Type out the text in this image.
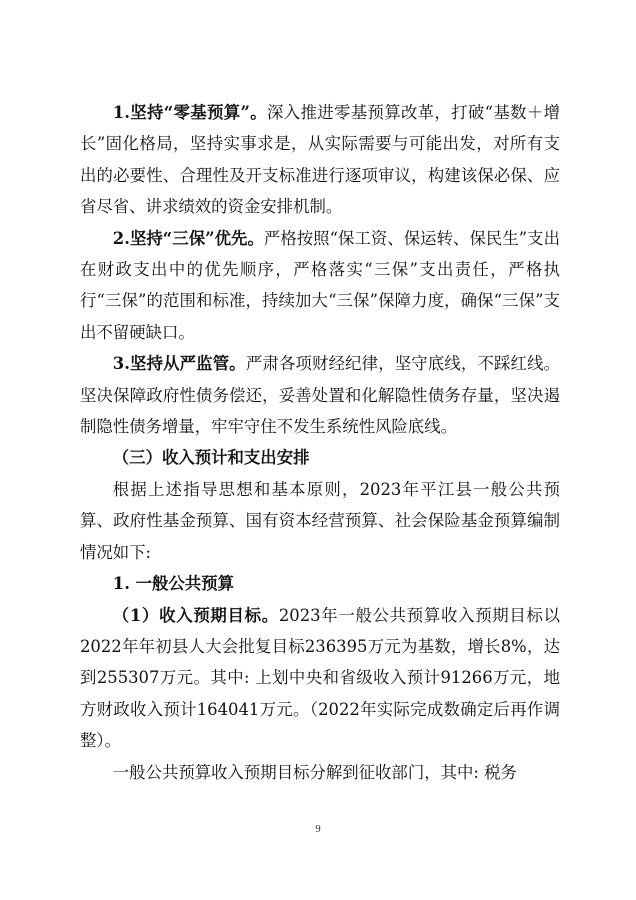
1.坚持“零基预算”。深入推进零基预算改革，打破“基数＋增长”固化格局，坚持实事求是，从实际需要与可能出发，对所有支出的必要性、合理性及开支标准进行逐项审议，构建该保必保、应省尽省、讲求绩效的资金安排机制。

2.坚持“三保”优先。严格按照“保工资、保运转、保民生”支出在财政支出中的优先顺序，严格落实“三保”支出责任，严格执行“三保”的范围和标准，持续加大“三保”保障力度，确保“三保”支出不留硬缺口。

3.坚持从严监管。严肃各项财经纪律，坚守底线，不踩红线。坚决保障政府性债务偿还，妥善处置和化解隐性债务存量，坚决遏制隐性债务增量，牢牢守住不发生系统性风险底线。

（三）收入预计和支出安排

根据上述指导思想和基本原则，2023年平江县一般公共预算、政府性基金预算、国有资本经营预算、社会保险基金预算编制情况如下:

1. 一般公共预算

（1）收入预期目标。2023年一般公共预算收入预期目标以2022年年初县人大会批复目标236395万元为基数，增长8%，达到255307万元。其中: 上划中央和省级收入预计91266万元，地方财政收入预计164041万元。（2022年实际完成数确定后再作调整）。

一般公共预算收入预期目标分解到征收部门，其中: 税务

9
